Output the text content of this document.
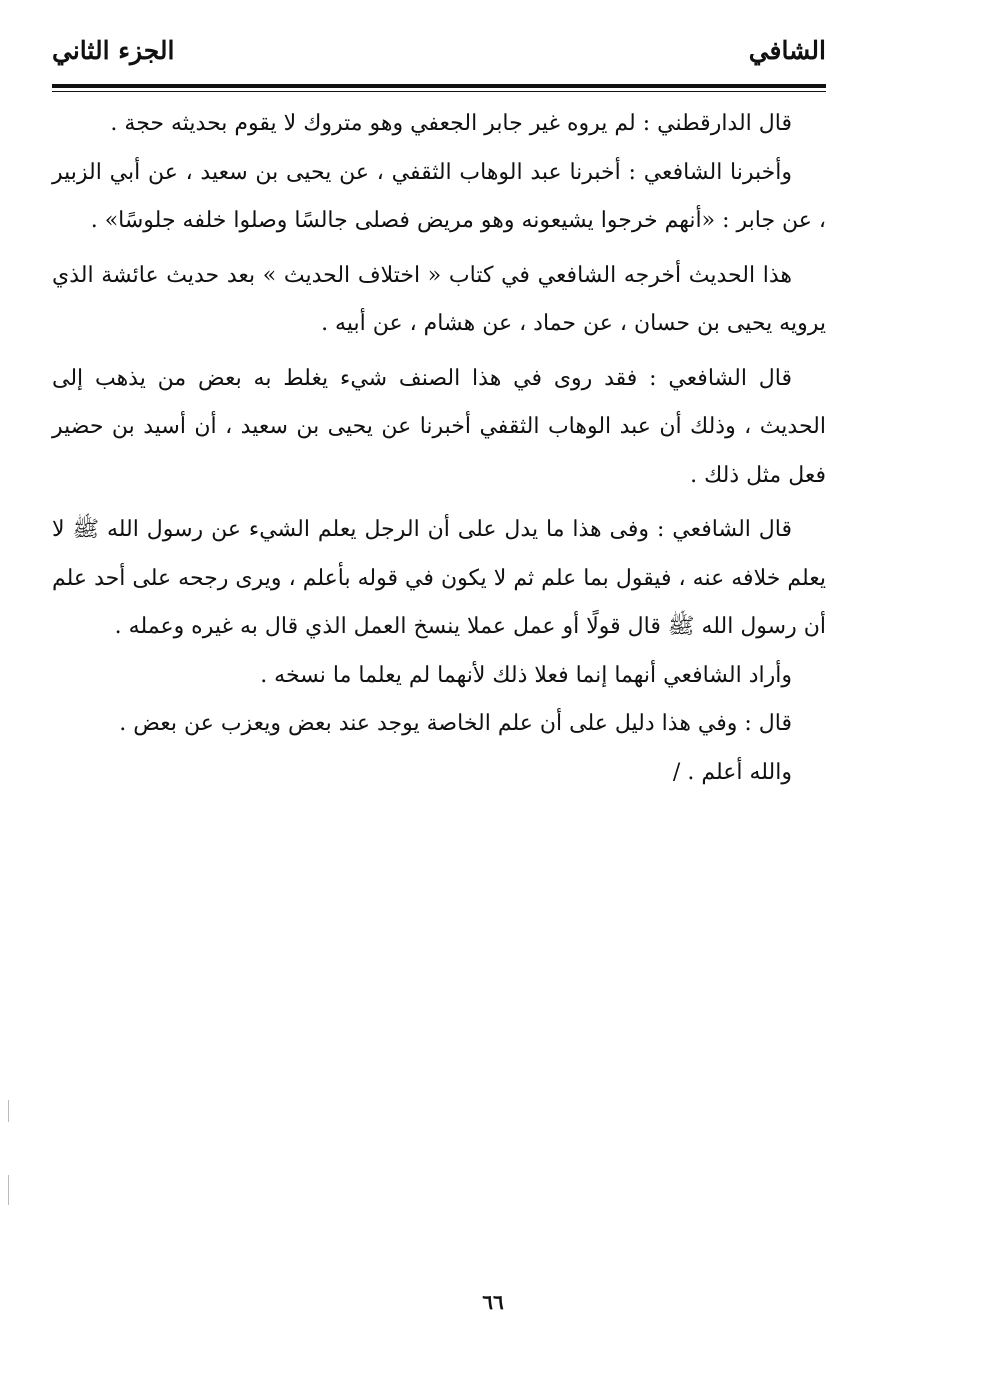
الشافي
الجزء الثاني

قال الدارقطني : لم يروه غير جابر الجعفي وهو متروك لا يقوم بحديثه حجة .

وأخبرنا الشافعي : أخبرنا عبد الوهاب الثقفي ، عن يحيى بن سعيد ، عن أبي الزبير ، عن جابر : «أنهم خرجوا يشيعونه وهو مريض فصلى جالسًا وصلوا خلفه جلوسًا» .

هذا الحديث أخرجه الشافعي في كتاب « اختلاف الحديث » بعد حديث عائشة الذي يرويه يحيى بن حسان ، عن حماد ، عن هشام ، عن أبيه .

قال الشافعي : فقد روى في هذا الصنف شيء يغلط به بعض من يذهب إلى الحديث ، وذلك أن عبد الوهاب الثقفي أخبرنا عن يحيى بن سعيد ، أن أسيد بن حضير فعل مثل ذلك .

قال الشافعي : وفى هذا ما يدل على أن الرجل يعلم الشيء عن رسول الله ﷺ لا يعلم خلافه عنه ، فيقول بما علم ثم لا يكون في قوله بأعلم ، ويرى رجحه على أحد علم أن رسول الله ﷺ قال قولًا أو عمل عملا ينسخ العمل الذي قال به غيره وعمله .

وأراد الشافعي أنهما إنما فعلا ذلك لأنهما لم يعلما ما نسخه .

قال : وفي هذا دليل على أن علم الخاصة يوجد عند بعض ويعزب عن بعض .

والله أعلم . /

٦٦
